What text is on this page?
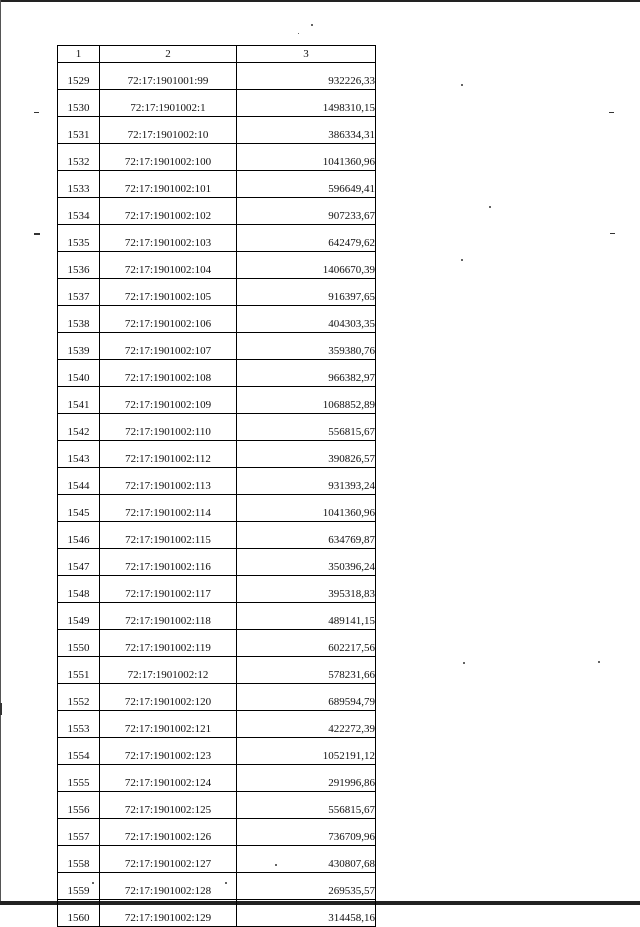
1	2	3
1529	72:17:1901001:99	932226,33
1530	72:17:1901002:1	1498310,15
1531	72:17:1901002:10	386334,31
1532	72:17:1901002:100	1041360,96
1533	72:17:1901002:101	596649,41
1534	72:17:1901002:102	907233,67
1535	72:17:1901002:103	642479,62
1536	72:17:1901002:104	1406670,39
1537	72:17:1901002:105	916397,65
1538	72:17:1901002:106	404303,35
1539	72:17:1901002:107	359380,76
1540	72:17:1901002:108	966382,97
1541	72:17:1901002:109	1068852,89
1542	72:17:1901002:110	556815,67
1543	72:17:1901002:112	390826,57
1544	72:17:1901002:113	931393,24
1545	72:17:1901002:114	1041360,96
1546	72:17:1901002:115	634769,87
1547	72:17:1901002:116	350396,24
1548	72:17:1901002:117	395318,83
1549	72:17:1901002:118	489141,15
1550	72:17:1901002:119	602217,56
1551	72:17:1901002:12	578231,66
1552	72:17:1901002:120	689594,79
1553	72:17:1901002:121	422272,39
1554	72:17:1901002:123	1052191,12
1555	72:17:1901002:124	291996,86
1556	72:17:1901002:125	556815,67
1557	72:17:1901002:126	736709,96
1558	72:17:1901002:127	430807,68
1559	72:17:1901002:128	269535,57
1560	72:17:1901002:129	314458,16
